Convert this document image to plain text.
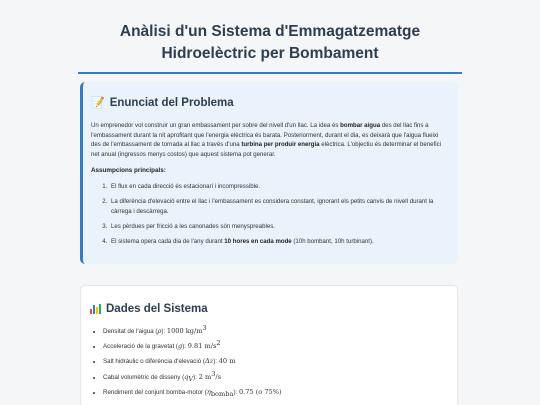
Anàlisi d'un Sistema d'Emmagatzematge Hidroelèctric per Bombament
📝 Enunciat del Problema

Un emprenedor vol construir un gran embassament per sobre del nivell d'un llac. La idea és bombar aigua des del llac fins a l'embassament durant la nit aprofitant que l'energia elèctrica és barata. Posteriorment, durant el dia, es deixarà que l'aigua flueixi des de l'embassament de tornada al llac a través d'una turbina per produir energia elèctrica. L'objectiu és determinar el benefici net anual (ingressos menys costos) que aquest sistema pot generar.

Assumpcions principals:

1. El flux en cada direcció és estacionari i incompressible.
2. La diferència d'elevació entre el llac i l'embassament es considera constant, ignorant els petits canvis de nivell durant la càrrega i descàrrega.
3. Les pèrdues per fricció a les canonades són menyspreables.
4. El sistema opera cada dia de l'any durant 10 hores en cada mode (10h bombant, 10h turbinant).
Dades del Sistema
• Densitat de l'aigua (ρ): 1000 $kg/m^3$
• Acceleració de la gravetat (g): 9.81 $m/s^2$
• Salt hidràulic o diferència d'elevació (Δz): 40 m
• Cabal volumètric de disseny $(q_V)$: 2 $m^3/s$
• Rendiment del conjunt bomba-motor $(\eta_{bomba})$: 0.75 (o 75%)
